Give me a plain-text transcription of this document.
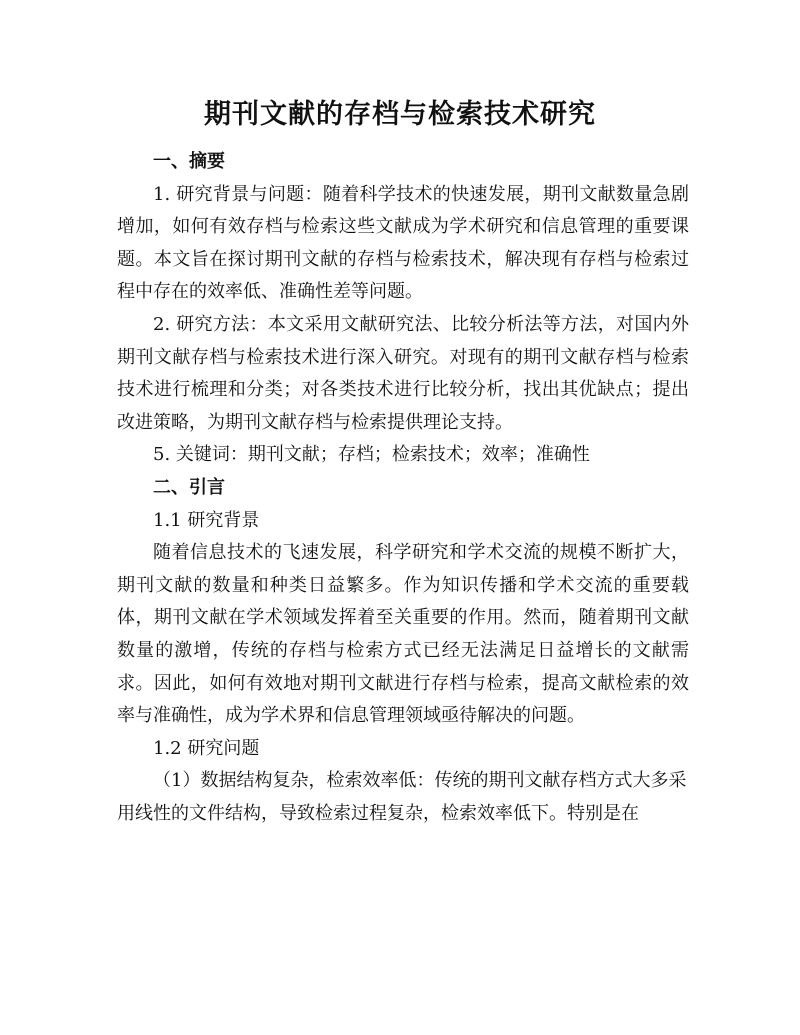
期刊文献的存档与检索技术研究

一、摘要

1. 研究背景与问题：随着科学技术的快速发展，期刊文献数量急剧增加，如何有效存档与检索这些文献成为学术研究和信息管理的重要课题。本文旨在探讨期刊文献的存档与检索技术，解决现有存档与检索过程中存在的效率低、准确性差等问题。

2. 研究方法：本文采用文献研究法、比较分析法等方法，对国内外期刊文献存档与检索技术进行深入研究。对现有的期刊文献存档与检索技术进行梳理和分类；对各类技术进行比较分析，找出其优缺点；提出改进策略，为期刊文献存档与检索提供理论支持。

5. 关键词：期刊文献；存档；检索技术；效率；准确性

二、引言

1.1 研究背景

随着信息技术的飞速发展，科学研究和学术交流的规模不断扩大，期刊文献的数量和种类日益繁多。作为知识传播和学术交流的重要载体，期刊文献在学术领域发挥着至关重要的作用。然而，随着期刊文献数量的激增，传统的存档与检索方式已经无法满足日益增长的文献需求。因此，如何有效地对期刊文献进行存档与检索，提高文献检索的效率与准确性，成为学术界和信息管理领域亟待解决的问题。

1.2 研究问题

（1）数据结构复杂，检索效率低：传统的期刊文献存档方式大多采用线性的文件结构，导致检索过程复杂，检索效率低下。特别是在
